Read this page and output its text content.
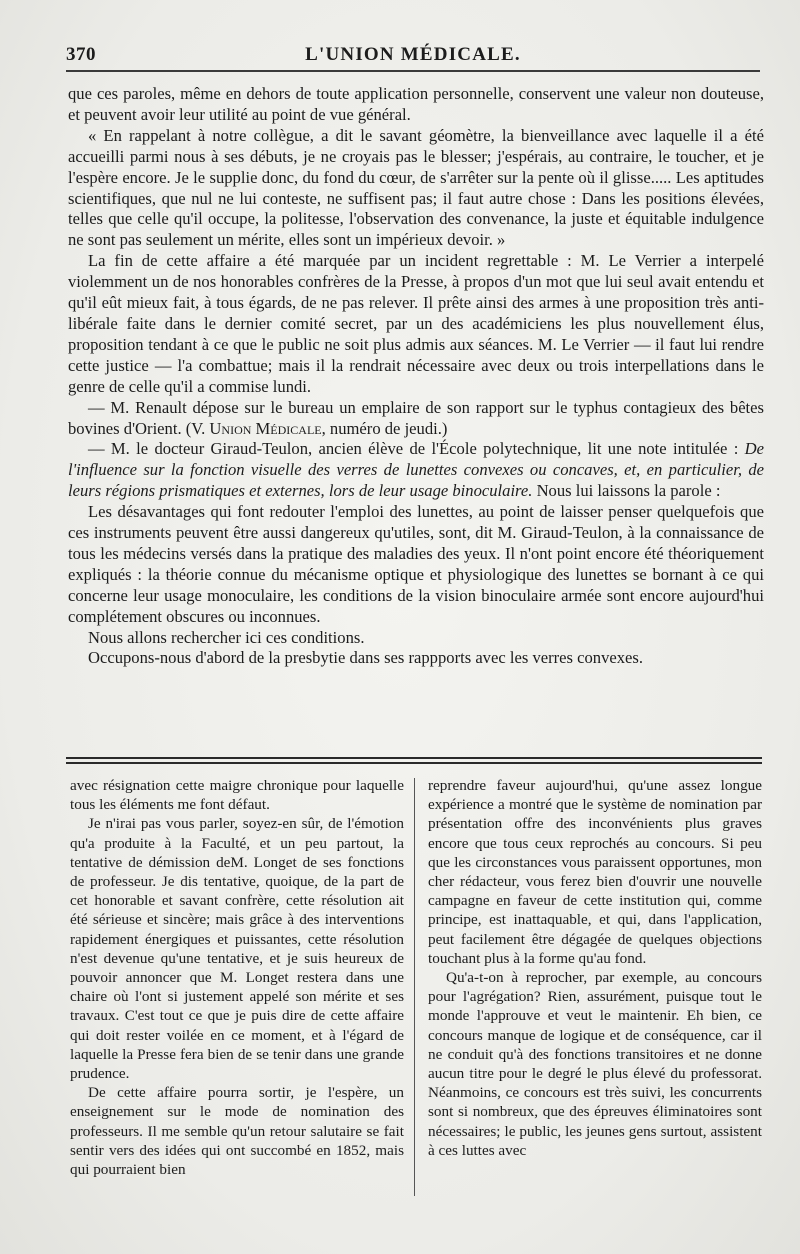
370	L'UNION MÉDICALE.

que ces paroles, même en dehors de toute application personnelle, conservent une valeur non douteuse, et peuvent avoir leur utilité au point de vue général.

« En rappelant à notre collègue, a dit le savant géomètre, la bienveillance avec laquelle il a été accueilli parmi nous à ses débuts, je ne croyais pas le blesser; j'espérais, au contraire, le toucher, et je l'espère encore. Je le supplie donc, du fond du cœur, de s'arrêter sur la pente où il glisse..... Les aptitudes scientifiques, que nul ne lui conteste, ne suffisent pas; il faut autre chose : Dans les positions élevées, telles que celle qu'il occupe, la politesse, l'observation des convenance, la juste et équitable indulgence ne sont pas seulement un mérite, elles sont un impérieux devoir. »

La fin de cette affaire a été marquée par un incident regrettable : M. Le Verrier a interpelé violemment un de nos honorables confrères de la Presse, à propos d'un mot que lui seul avait entendu et qu'il eût mieux fait, à tous égards, de ne pas relever. Il prête ainsi des armes à une proposition très anti-libérale faite dans le dernier comité secret, par un des académiciens les plus nouvellement élus, proposition tendant à ce que le public ne soit plus admis aux séances. M. Le Verrier — il faut lui rendre cette justice — l'a combattue; mais il la rendrait nécessaire avec deux ou trois interpellations dans le genre de celle qu'il a commise lundi.

— M. Renault dépose sur le bureau un emplaire de son rapport sur le typhus contagieux des bêtes bovines d'Orient. (V. Union Médicale, numéro de jeudi.)

— M. le docteur Giraud-Teulon, ancien élève de l'École polytechnique, lit une note intitulée : De l'influence sur la fonction visuelle des verres de lunettes convexes ou concaves, et, en particulier, de leurs régions prismatiques et externes, lors de leur usage binoculaire. Nous lui laissons la parole :

Les désavantages qui font redouter l'emploi des lunettes, au point de laisser penser quelquefois que ces instruments peuvent être aussi dangereux qu'utiles, sont, dit M. Giraud-Teulon, à la connaissance de tous les médecins versés dans la pratique des maladies des yeux. Il n'ont point encore été théoriquement expliqués : la théorie connue du mécanisme optique et physiologique des lunettes se bornant à ce qui concerne leur usage monoculaire, les conditions de la vision binoculaire armée sont encore aujourd'hui complétement obscures ou inconnues.

Nous allons rechercher ici ces conditions.

Occupons-nous d'abord de la presbytie dans ses rappports avec les verres convexes.

avec résignation cette maigre chronique pour laquelle tous les éléments me font défaut.

Je n'irai pas vous parler, soyez-en sûr, de l'émotion qu'a produite à la Faculté, et un peu partout, la tentative de démission deM. Longet de ses fonctions de professeur. Je dis tentative, quoique, de la part de cet honorable et savant confrère, cette résolution ait été sérieuse et sincère; mais grâce à des interventions rapidement énergiques et puissantes, cette résolution n'est devenue qu'une tentative, et je suis heureux de pouvoir annoncer que M. Longet restera dans une chaire où l'ont si justement appelé son mérite et ses travaux. C'est tout ce que je puis dire de cette affaire qui doit rester voilée en ce moment, et à l'égard de laquelle la Presse fera bien de se tenir dans une grande prudence.

De cette affaire pourra sortir, je l'espère, un enseignement sur le mode de nomination des professeurs. Il me semble qu'un retour salutaire se fait sentir vers des idées qui ont succombé en 1852, mais qui pourraient bien

reprendre faveur aujourd'hui, qu'une assez longue expérience a montré que le système de nomination par présentation offre des inconvénients plus graves encore que tous ceux reprochés au concours. Si peu que les circonstances vous paraissent opportunes, mon cher rédacteur, vous ferez bien d'ouvrir une nouvelle campagne en faveur de cette institution qui, comme principe, est inattaquable, et qui, dans l'application, peut facilement être dégagée de quelques objections touchant plus à la forme qu'au fond.

Qu'a-t-on à reprocher, par exemple, au concours pour l'agrégation? Rien, assurément, puisque tout le monde l'approuve et veut le maintenir. Eh bien, ce concours manque de logique et de conséquence, car il ne conduit qu'à des fonctions transitoires et ne donne aucun titre pour le degré le plus élevé du professorat. Néanmoins, ce concours est très suivi, les concurrents sont si nombreux, que des épreuves éliminatoires sont nécessaires; le public, les jeunes gens surtout, assistent à ces luttes avec
